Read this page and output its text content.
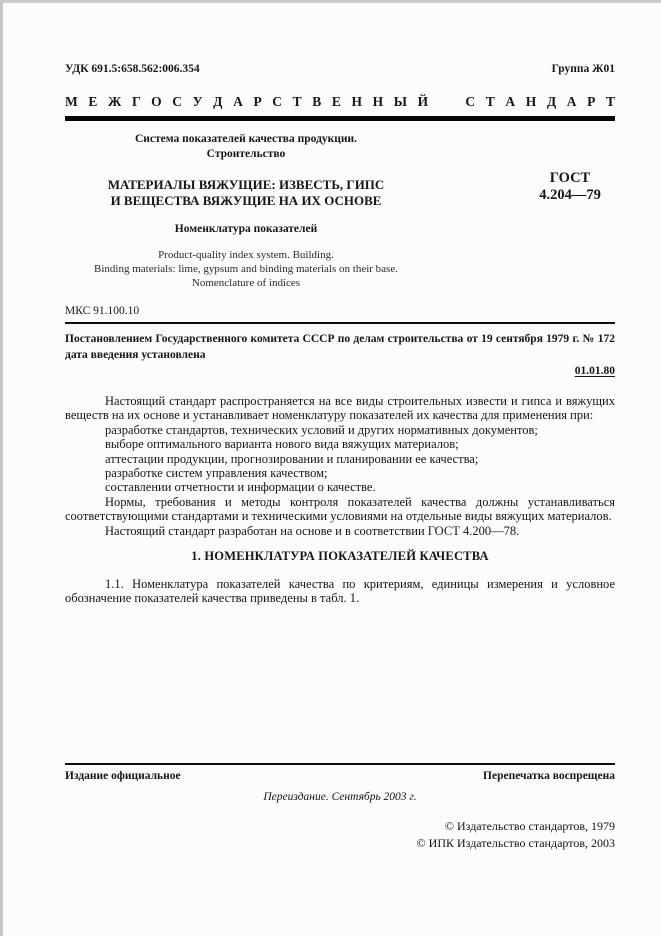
УДК 691.5:658.562:006.354	Группа Ж01
М Е Ж Г О С У Д А Р С Т В Е Н Н Ы Й
	С Т А Н Д А Р Т
Система показателей качества продукции.
Строительство
МАТЕРИАЛЫ ВЯЖУЩИЕ: ИЗВЕСТЬ, ГИПС
И ВЕЩЕСТВА ВЯЖУЩИЕ НА ИХ ОСНОВЕ
Номенклатура показателей
Product-quality index system. Building.
Binding materials: lime, gypsum and binding materials on their base.
Nomenclature of indices
ГОСТ
4.204—79
МКС 91.100.10
Постановлением Государственного комитета СССР по делам строительства от 19 сентября 1979 г. № 172 дата введения установлена
01.01.80

Настоящий стандарт распространяется на все виды строительных извести и гипса и вяжущих веществ на их основе и устанавливает номенклатуру показателей их качества для применения при:

разработке стандартов, технических условий и других нормативных документов;

выборе оптимального варианта нового вида вяжущих материалов;

аттестации продукции, прогнозировании и планировании ее качества;

разработке систем управления качеством;

составлении отчетности и информации о качестве.

Нормы, требования и методы контроля показателей качества должны устанавливаться соответствующими стандартами и техническими условиями на отдельные виды вяжущих материалов.

Настоящий стандарт разработан на основе и в соответствии ГОСТ 4.200—78.

1. НОМЕНКЛАТУРА ПОКАЗАТЕЛЕЙ КАЧЕСТВА

1.1. Номенклатура показателей качества по критериям, единицы измерения и условное обозначение показателей качества приведены в табл. 1.

Издание официальное	Перепечатка воспрещена
Переиздание. Сентябрь 2003 г.
© Издательство стандартов, 1979
© ИПК Издательство стандартов, 2003
